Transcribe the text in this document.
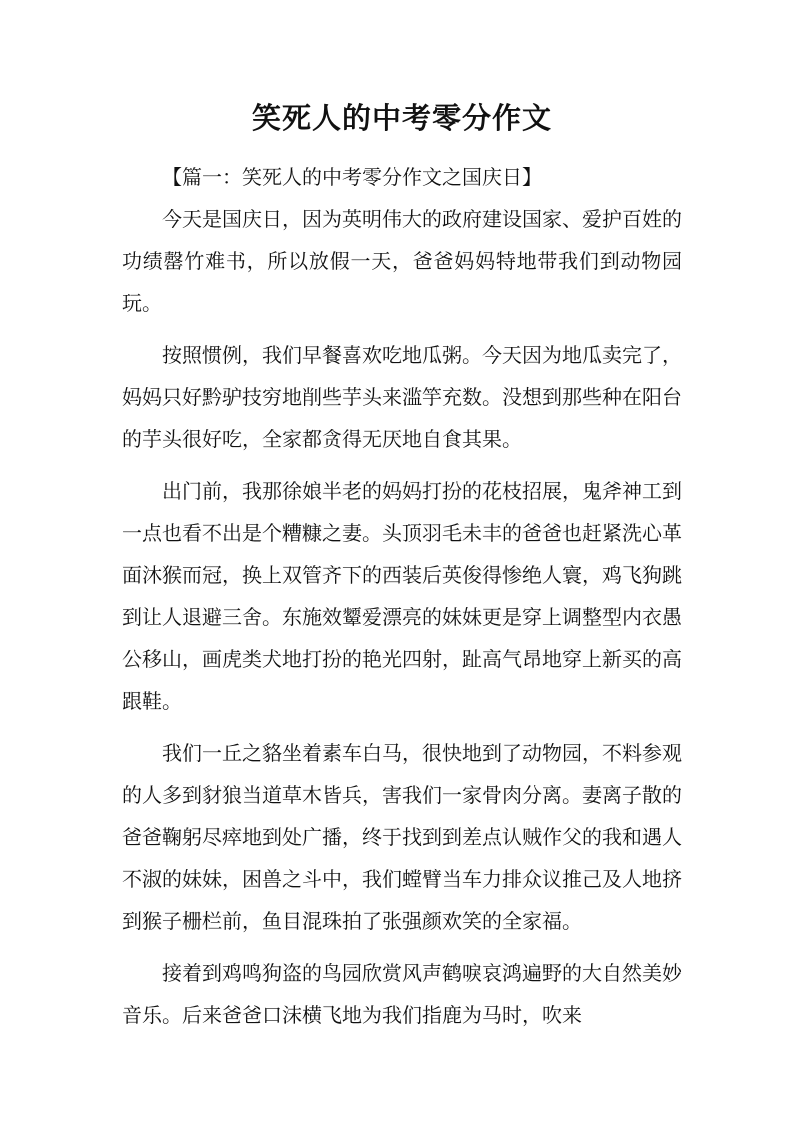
笑死人的中考零分作文

【篇一：笑死人的中考零分作文之国庆日】

今天是国庆日，因为英明伟大的政府建设国家、爱护百姓的功绩罄竹难书，所以放假一天，爸爸妈妈特地带我们到动物园玩。

按照惯例，我们早餐喜欢吃地瓜粥。今天因为地瓜卖完了，妈妈只好黔驴技穷地削些芋头来滥竽充数。没想到那些种在阳台的芋头很好吃，全家都贪得无厌地自食其果。

出门前，我那徐娘半老的妈妈打扮的花枝招展，鬼斧神工到一点也看不出是个糟糠之妻。头顶羽毛未丰的爸爸也赶紧洗心革面沐猴而冠，换上双管齐下的西装后英俊得惨绝人寰，鸡飞狗跳到让人退避三舍。东施效颦爱漂亮的妹妹更是穿上调整型内衣愚公移山，画虎类犬地打扮的艳光四射，趾高气昂地穿上新买的高跟鞋。

我们一丘之貉坐着素车白马，很快地到了动物园，不料参观的人多到豺狼当道草木皆兵，害我们一家骨肉分离。妻离子散的爸爸鞠躬尽瘁地到处广播，终于找到到差点认贼作父的我和遇人不淑的妹妹，困兽之斗中，我们螳臂当车力排众议推己及人地挤到猴子栅栏前，鱼目混珠拍了张强颜欢笑的全家福。

接着到鸡鸣狗盗的鸟园欣赏风声鹤唳哀鸿遍野的大自然美妙音乐。后来爸爸口沫横飞地为我们指鹿为马时，吹来
